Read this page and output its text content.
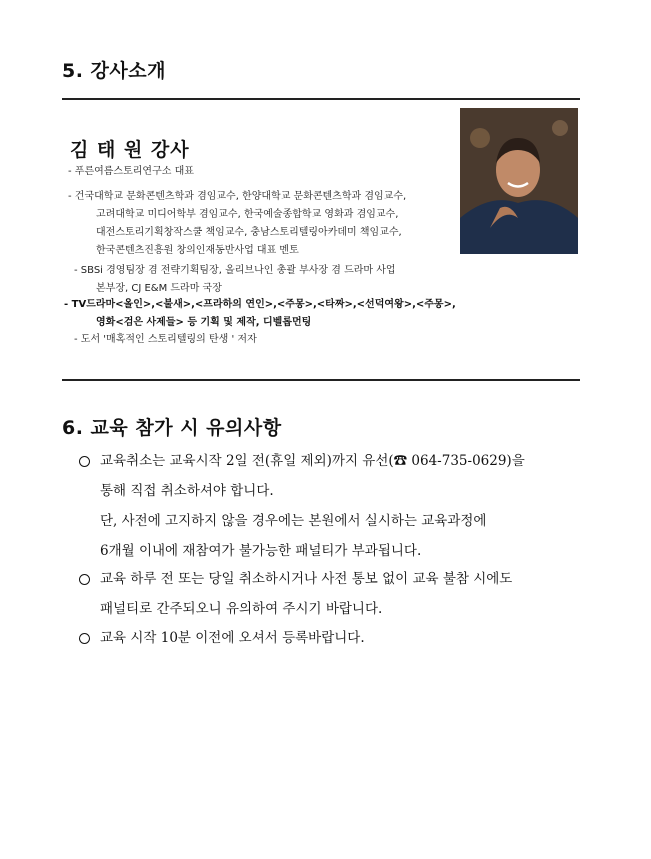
5. 강사소개
김 태 원 강사
- 푸른여름스토리연구소 대표
- 건국대학교 문화콘텐츠학과 겸임교수, 한양대학교 문화콘텐츠학과 겸임교수,
고려대학교 미디어학부 겸임교수, 한국예술종합학교 영화과 겸임교수,
대전스토리기획창작스쿨 책임교수, 충남스토리텔링아카데미 책임교수,
한국콘텐츠진흥원 창의인재동반사업 대표 멘토
- SBSi 경영팀장 겸 전략기획팀장, 올리브나인 총괄 부사장 겸 드라마 사업
본부장, CJ E&M 드라마 국장
- TV드라마<올인>,<불새>,<프라하의 연인>,<주몽>,<타짜>,<선덕여왕>,<주몽>,
영화<검은 사제들> 등 기획 및 제작, 디벨롭먼팅
- 도서 '매혹적인 스토리텔링의 탄생 ' 저자
6. 교육 참가 시 유의사항
교육취소는 교육시작 2일 전(휴일 제외)까지 유선(☎ 064-735-0629)을
통해 직접 취소하셔야 합니다.
단, 사전에 고지하지 않을 경우에는 본원에서 실시하는 교육과정에
6개월 이내에 재참여가 불가능한 패널티가 부과됩니다.
교육 하루 전 또는 당일 취소하시거나 사전 통보 없이 교육 불참 시에도
패널티로 간주되오니 유의하여 주시기 바랍니다.
교육 시작 10분 이전에 오셔서 등록바랍니다.
